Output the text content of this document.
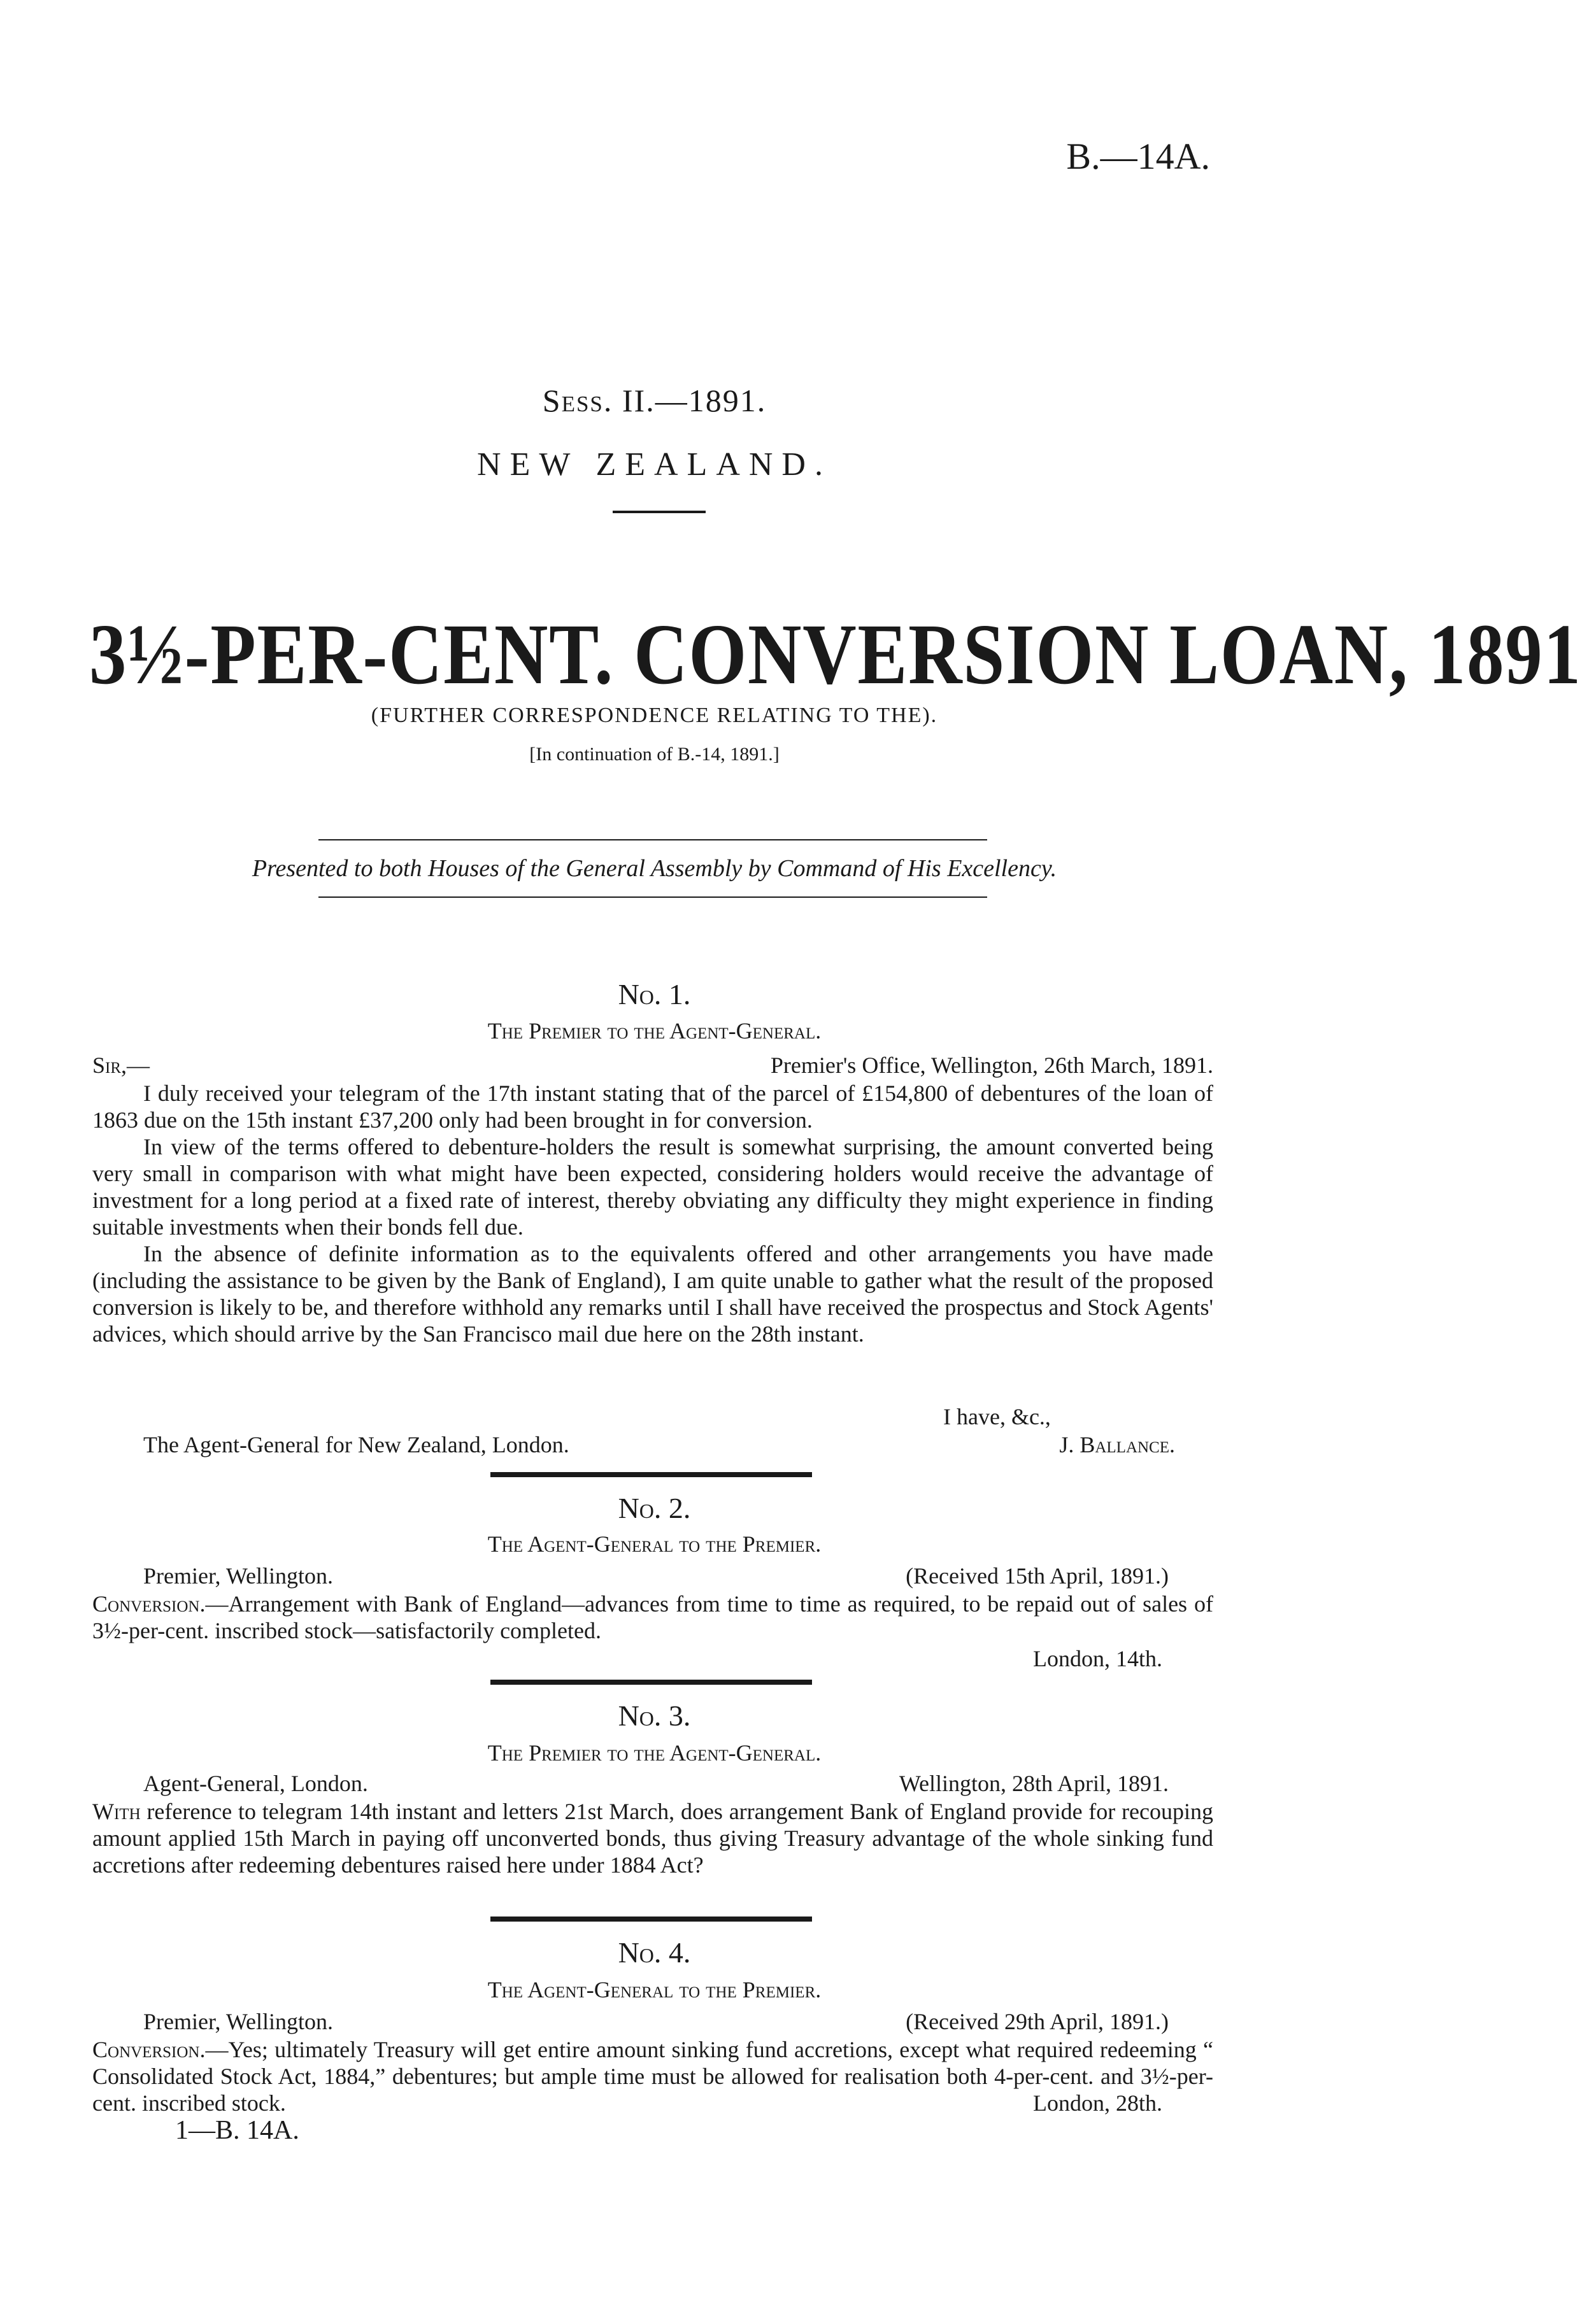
B.—14A.
Sess. II.—1891.
NEW ZEALAND.
3½-PER-CENT. CONVERSION LOAN, 1891
(FURTHER CORRESPONDENCE RELATING TO THE).
[In continuation of B.-14, 1891.]
Presented to both Houses of the General Assembly by Command of His Excellency.
No. 1.
The Premier to the Agent-General.
Sir,—	Premier's Office, Wellington, 26th March, 1891.

I duly received your telegram of the 17th instant stating that of the parcel of £154,800 of debentures of the loan of 1863 due on the 15th instant £37,200 only had been brought in for conversion.

In view of the terms offered to debenture-holders the result is somewhat surprising, the amount converted being very small in comparison with what might have been expected, considering holders would receive the advantage of investment for a long period at a fixed rate of interest, thereby obviating any difficulty they might experience in finding suitable investments when their bonds fell due.

In the absence of definite information as to the equivalents offered and other arrangements you have made (including the assistance to be given by the Bank of England), I am quite unable to gather what the result of the proposed conversion is likely to be, and therefore withhold any remarks until I shall have received the prospectus and Stock Agents' advices, which should arrive by the San Francisco mail due here on the 28th instant.

I have, &c.,
The Agent-General for New Zealand, London.	J. Ballance.
No. 2.
The Agent-General to the Premier.
Premier, Wellington.	(Received 15th April, 1891.)

Conversion.—Arrangement with Bank of England—advances from time to time as required, to be repaid out of sales of 3½-per-cent. inscribed stock—satisfactorily completed.

London, 14th.
No. 3.
The Premier to the Agent-General.
Agent-General, London.	Wellington, 28th April, 1891.

With reference to telegram 14th instant and letters 21st March, does arrangement Bank of England provide for recouping amount applied 15th March in paying off unconverted bonds, thus giving Treasury advantage of the whole sinking fund accretions after redeeming debentures raised here under 1884 Act?

No. 4.
The Agent-General to the Premier.
Premier, Wellington.	(Received 29th April, 1891.)

Conversion.—Yes; ultimately Treasury will get entire amount sinking fund accretions, except what required redeeming “ Consolidated Stock Act, 1884,” debentures; but ample time must be allowed for realisation both 4-per-cent. and 3½-per-cent. inscribed stock.	London, 28th.
1—B. 14A.
